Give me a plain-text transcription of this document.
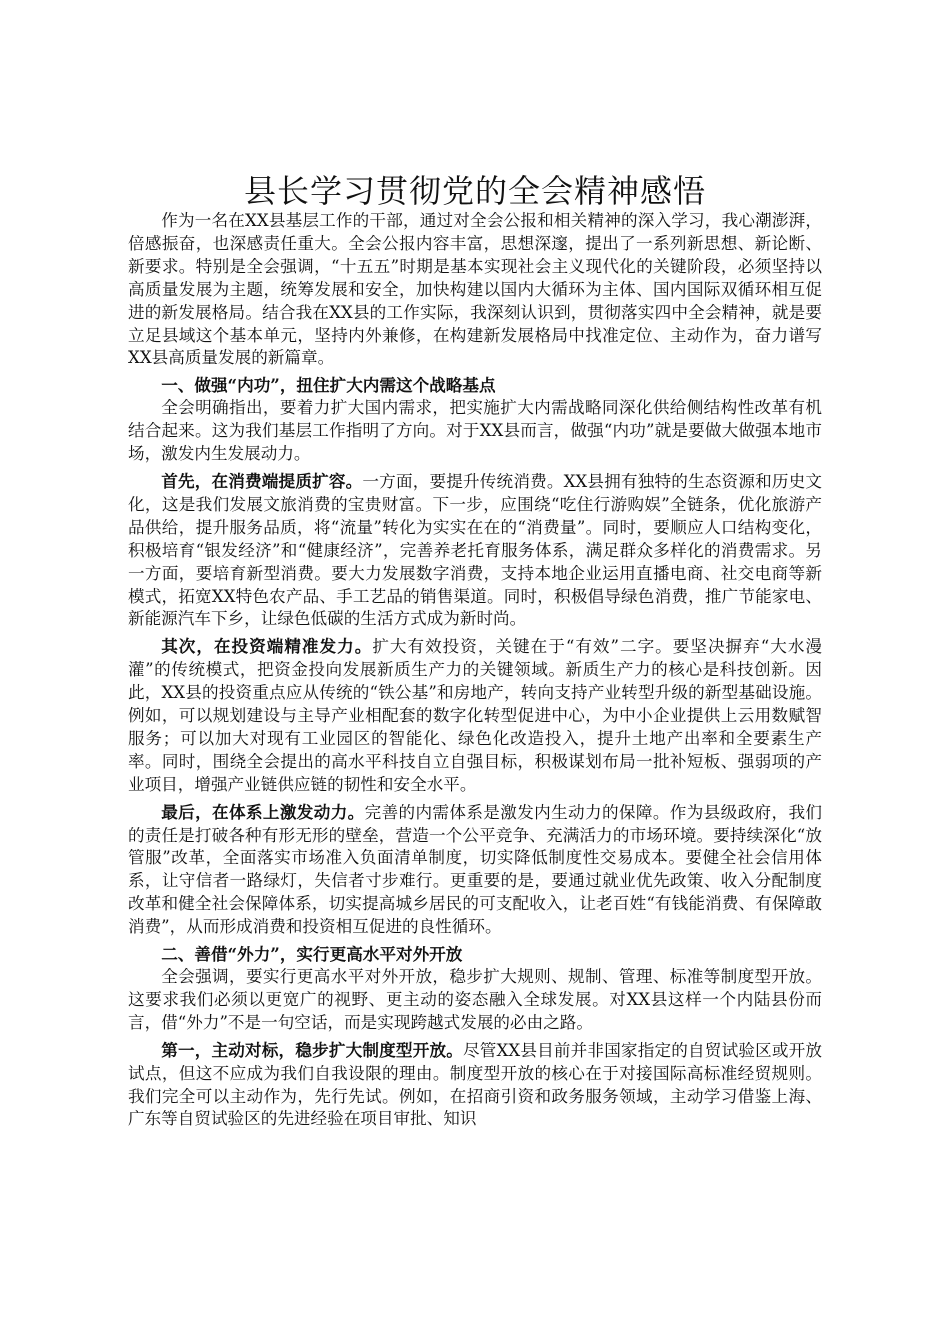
县长学习贯彻党的全会精神感悟

作为一名在XX县基层工作的干部，通过对全会公报和相关精神的深入学习，我心潮澎湃，倍感振奋，也深感责任重大。全会公报内容丰富，思想深邃，提出了一系列新思想、新论断、新要求。特别是全会强调，“十五五”时期是基本实现社会主义现代化的关键阶段，必须坚持以高质量发展为主题，统筹发展和安全，加快构建以国内大循环为主体、国内国际双循环相互促进的新发展格局。结合我在XX县的工作实际，我深刻认识到，贯彻落实四中全会精神，就是要立足县域这个基本单元，坚持内外兼修，在构建新发展格局中找准定位、主动作为，奋力谱写XX县高质量发展的新篇章。

一、做强“内功”，扭住扩大内需这个战略基点

全会明确指出，要着力扩大国内需求，把实施扩大内需战略同深化供给侧结构性改革有机结合起来。这为我们基层工作指明了方向。对于XX县而言，做强“内功”就是要做大做强本地市场，激发内生发展动力。

首先，在消费端提质扩容。一方面，要提升传统消费。XX县拥有独特的生态资源和历史文化，这是我们发展文旅消费的宝贵财富。下一步，应围绕“吃住行游购娱”全链条，优化旅游产品供给，提升服务品质，将“流量”转化为实实在在的“消费量”。同时，要顺应人口结构变化，积极培育“银发经济”和“健康经济”，完善养老托育服务体系，满足群众多样化的消费需求。另一方面，要培育新型消费。要大力发展数字消费，支持本地企业运用直播电商、社交电商等新模式，拓宽XX特色农产品、手工艺品的销售渠道。同时，积极倡导绿色消费，推广节能家电、新能源汽车下乡，让绿色低碳的生活方式成为新时尚。

其次，在投资端精准发力。扩大有效投资，关键在于“有效”二字。要坚决摒弃“大水漫灌”的传统模式，把资金投向发展新质生产力的关键领域。新质生产力的核心是科技创新。因此，XX县的投资重点应从传统的“铁公基”和房地产，转向支持产业转型升级的新型基础设施。例如，可以规划建设与主导产业相配套的数字化转型促进中心，为中小企业提供上云用数赋智服务；可以加大对现有工业园区的智能化、绿色化改造投入，提升土地产出率和全要素生产率。同时，围绕全会提出的高水平科技自立自强目标，积极谋划布局一批补短板、强弱项的产业项目，增强产业链供应链的韧性和安全水平。

最后，在体系上激发动力。完善的内需体系是激发内生动力的保障。作为县级政府，我们的责任是打破各种有形无形的壁垒，营造一个公平竞争、充满活力的市场环境。要持续深化“放管服”改革，全面落实市场准入负面清单制度，切实降低制度性交易成本。要健全社会信用体系，让守信者一路绿灯，失信者寸步难行。更重要的是，要通过就业优先政策、收入分配制度改革和健全社会保障体系，切实提高城乡居民的可支配收入，让老百姓“有钱能消费、有保障敢消费”，从而形成消费和投资相互促进的良性循环。

二、善借“外力”，实行更高水平对外开放

全会强调，要实行更高水平对外开放，稳步扩大规则、规制、管理、标准等制度型开放。这要求我们必须以更宽广的视野、更主动的姿态融入全球发展。对XX县这样一个内陆县份而言，借“外力”不是一句空话，而是实现跨越式发展的必由之路。

第一，主动对标，稳步扩大制度型开放。尽管XX县目前并非国家指定的自贸试验区或开放试点，但这不应成为我们自我设限的理由。制度型开放的核心在于对接国际高标准经贸规则。我们完全可以主动作为，先行先试。例如，在招商引资和政务服务领域，主动学习借鉴上海、广东等自贸试验区的先进经验在项目审批、知识
